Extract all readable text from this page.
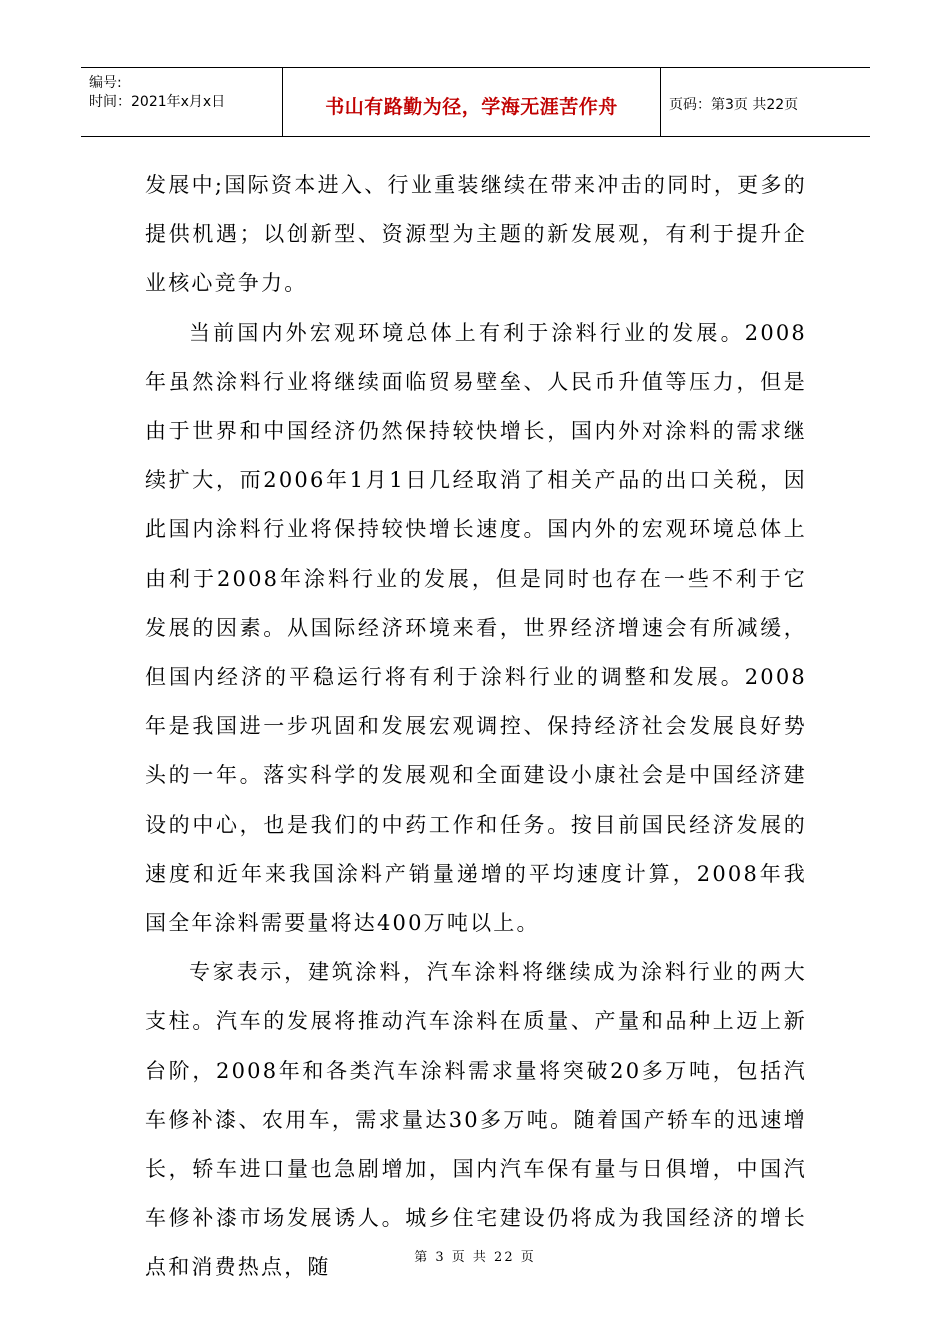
编号:
时间：2021年x月x日	书山有路勤为径，学海无涯苦作舟	页码：第3页 共22页

发展中;国际资本进入、行业重装继续在带来冲击的同时，更多的提供机遇；以创新型、资源型为主题的新发展观，有利于提升企业核心竞争力。

当前国内外宏观环境总体上有利于涂料行业的发展。2008年虽然涂料行业将继续面临贸易壁垒、人民币升值等压力，但是由于世界和中国经济仍然保持较快增长，国内外对涂料的需求继续扩大，而2006年1月1日几经取消了相关产品的出口关税，因此国内涂料行业将保持较快增长速度。国内外的宏观环境总体上由利于2008年涂料行业的发展，但是同时也存在一些不利于它发展的因素。从国际经济环境来看，世界经济增速会有所减缓，但国内经济的平稳运行将有利于涂料行业的调整和发展。2008年是我国进一步巩固和发展宏观调控、保持经济社会发展良好势头的一年。落实科学的发展观和全面建设小康社会是中国经济建设的中心，也是我们的中药工作和任务。按目前国民经济发展的速度和近年来我国涂料产销量递增的平均速度计算，2008年我国全年涂料需要量将达400万吨以上。

专家表示，建筑涂料，汽车涂料将继续成为涂料行业的两大支柱。汽车的发展将推动汽车涂料在质量、产量和品种上迈上新台阶，2008年和各类汽车涂料需求量将突破20多万吨，包括汽车修补漆、农用车，需求量达30多万吨。随着国产轿车的迅速增长，轿车进口量也急剧增加，国内汽车保有量与日俱增，中国汽车修补漆市场发展诱人。城乡住宅建设仍将成为我国经济的增长点和消费热点，随	第 3 页 共 22 页
